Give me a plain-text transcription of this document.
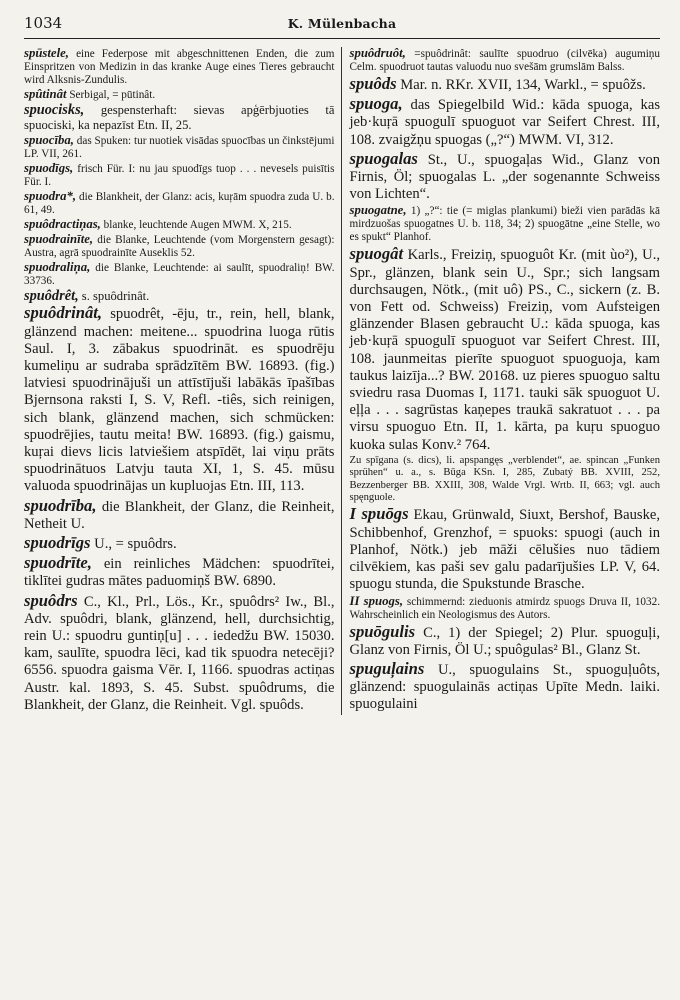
1034	K. Mülenbacha

spūstele, eine Federpose mit abgeschnittenen Enden, die zum Einspritzen von Medizin in das kranke Auge eines Tieres gebraucht wird Alksnis-Zundulis.

spûtinât Serbigal, = pūtinât.

spuocisks, gespensterhaft: sievas apģērbjuoties tā spuociski, ka nepazīst Etn. II, 25.

spuocība, das Spuken: tur nuotiek visādas spuocības un činkstējumi LP. VII, 261.

spuodīgs, frisch Für. I: nu jau spuodīgs tuop . . . nevesels puisītis Für. I.

spuodra*, die Blankheit, der Glanz: acis, kuŗām spuodra zuda U. b. 61, 49.

spuôdractiņas, blanke, leuchtende Augen MWM. X, 215.

spuodrainīte, die Blanke, Leuchtende (vom Morgenstern gesagt): Austra, agrā spuodrainīte Auseklis 52.

spuodraliņa, die Blanke, Leuchtende: ai saulīt, spuodraliņ! BW. 33736.

spuôdrêt, s. spuôdrinât.

spuôdrinât, spuodrêt, -ēju, tr., rein, hell, blank, glänzend machen: meitene... spuodrina luoga rūtis Saul. I, 3. zābakus spuodrināt. es spuodrēju kumeliņu ar sudraba sprādzītēm BW. 16893. (fig.) latviesi spuodrinājuši un attīstījuši labākās īpašības Bjernsona raksti I, S. V, Refl. -tiês, sich reinigen, sich blank, glänzend machen, sich schmücken: spuodrējies, tautu meita! BW. 16893. (fig.) gaismu, kuŗai dievs licis latviešiem atspīdēt, lai viņu prāts spuodrinātuos Latvju tauta XI, 1, S. 45. mūsu valuoda spuodrinājas un kupluojas Etn. III, 113.

spuodrība, die Blankheit, der Glanz, die Reinheit, Netheit U.

spuodrīgs U., = spuôdrs.

spuodrīte, ein reinliches Mädchen: spuodrītei, tiklītei gudras mātes paduomiņš BW. 6890.

spuôdrs C., Kl., Prl., Lös., Kr., spuôdrs² Iw., Bl., Adv. spuôdri, blank, glänzend, hell, durchsichtig, rein U.: spuodru guntiņ[u] . . . iededžu BW. 15030. kam, saulīte, spuodra lēci, kad tik spuodra netecēji? 6556. spuodra gaisma Vēr. I, 1166. spuodras actiņas Austr. kal. 1893, S. 45. Subst. spuôdrums, die Blankheit, der Glanz, die Reinheit. Vgl. spuôds.

spuôdruôt, =spuôdrinât: saulīte spuodruo (cilvēka) augumiņu Celm. spuodruot tautas valuodu nuo svešām grumslām Balss.

spuôds Mar. n. RKr. XVII, 134, Warkl., = spuôžs.

spuoga, das Spiegelbild Wid.: kāda spuoga, kas jeb·kuŗā spuogulī spuoguot var Seifert Chrest. III, 108. zvaigžņu spuogas („?“) MWM. VI, 312.

spuogalas St., U., spuogaļas Wid., Glanz von Firnis, Öl; spuogalas L. „der sogenannte Schweiss von Lichten“.

spuogatne, 1) „?“: tie (= miglas plankumi) bieži vien parādās kā mirdzuošas spuogatnes U. b. 118, 34; 2) spuogātne „eine Stelle, wo es spukt“ Planhof.

spuogât Karls., Freiziņ, spuoguôt Kr. (mit ùo²), U., Spr., glänzen, blank sein U., Spr.; sich langsam durchsaugen, Nötk., (mit uô) PS., C., sickern (z. B. von Fett od. Schweiss) Freiziņ, vom Aufsteigen glänzender Blasen gebraucht U.: kāda spuoga, kas jeb·kuŗā spuogulī spuoguot var Seifert Chrest. III, 108. jaunmeitas pierīte spuoguot spuoguoja, kam taukus laizīja...? BW. 20168. uz pieres spuoguo saltu sviedru rasa Duomas I, 1171. tauki sāk spuoguot U. eļļa . . . sagrūstas kaņepes traukā sakratuot . . . pa virsu spuoguo Etn. II, 1. kārta, pa kuŗu spuoguo kuoka sulas Konv.² 764.

Zu spīgana (s. dics), li. apspangęs „verblendet“, ae. spincan „Funken sprühen“ u. a., s. Būga KSn. I, 285, Zubatý BB. XVIII, 252, Bezzenberger BB. XXIII, 308, Walde Vrgl. Wrtb. II, 663; vgl. auch spęnguole.

I spuōgs Ekau, Grünwald, Siuxt, Bershof, Bauske, Schibbenhof, Grenzhof, = spuoks: spuogi (auch in Planhof, Nötk.) jeb māži cēlušies nuo tādiem cilvēkiem, kas paši sev galu padarījušies LP. V, 64. spuogu stunda, die Spukstunde Brasche.

II spuogs, schimmernd: zieduonis atmirdz spuogs Druva II, 1032. Wahrscheinlich ein Neologismus des Autors.

spuōgulis C., 1) der Spiegel; 2) Plur. spuoguļi, Glanz von Firnis, Öl U.; spuôgulas² Bl., Glanz St.

spuguļains U., spuogulains St., spuoguļuôts, glänzend: spuogulainās actiņas Upīte Medn. laiki. spuogulaini
